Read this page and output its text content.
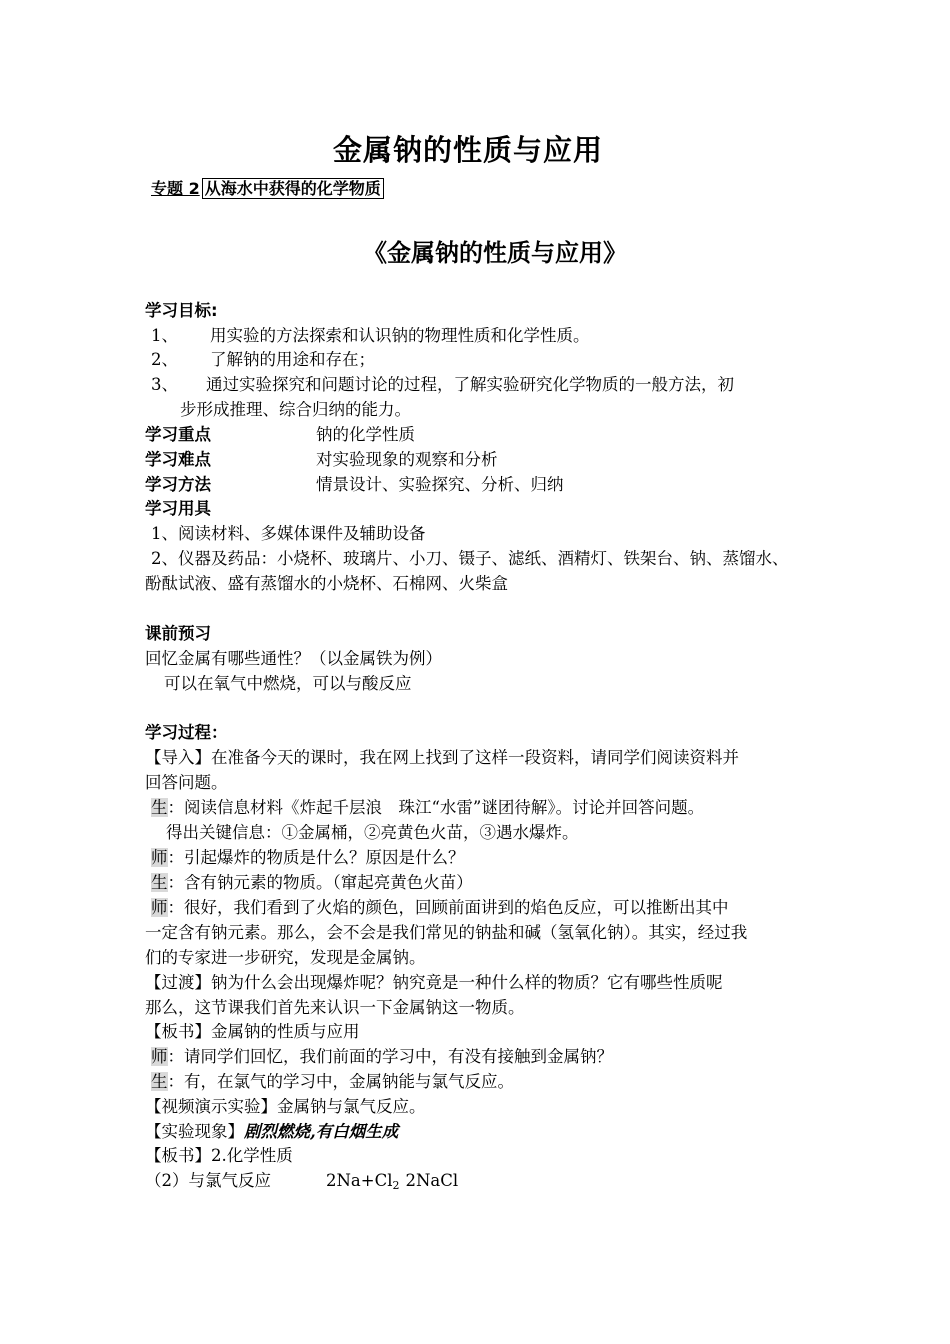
金属钠的性质与应用
专题 2 从海水中获得的化学物质
《金属钠的性质与应用》
学习目标:
1、 用实验的方法探索和认识钠的物理性质和化学性质。
2、 了解钠的用途和存在；
3、 通过实验探究和问题讨论的过程，了解实验研究化学物质的一般方法，初
步形成推理、综合归纳的能力。
学习重点	钠的化学性质
学习难点	对实验现象的观察和分析
学习方法	情景设计、实验探究、分析、归纳
学习用具
1、阅读材料、多媒体课件及辅助设备
2、仪器及药品：小烧杯、玻璃片、小刀、镊子、滤纸、酒精灯、铁架台、钠、蒸馏水、
酚酞试液、盛有蒸馏水的小烧杯、石棉网、火柴盒
课前预习
回忆金属有哪些通性？（以金属铁为例）
可以在氧气中燃烧，可以与酸反应
学习过程：
【导入】在准备今天的课时，我在网上找到了这样一段资料，请同学们阅读资料并
回答问题。
生：阅读信息材料《炸起千层浪　珠江“水雷”谜团待解》。讨论并回答问题。
得出关键信息：①金属桶，②亮黄色火苗，③遇水爆炸。
师：引起爆炸的物质是什么？原因是什么？
生：含有钠元素的物质。（窜起亮黄色火苗）
师：很好，我们看到了火焰的颜色，回顾前面讲到的焰色反应，可以推断出其中
一定含有钠元素。那么，会不会是我们常见的钠盐和碱（氢氧化钠）。其实，经过我
们的专家进一步研究，发现是金属钠。
【过渡】钠为什么会出现爆炸呢？钠究竟是一种什么样的物质？它有哪些性质呢
那么，这节课我们首先来认识一下金属钠这一物质。
【板书】金属钠的性质与应用
师：请同学们回忆，我们前面的学习中，有没有接触到金属钠？
生：有，在氯气的学习中，金属钠能与氯气反应。
【视频演示实验】金属钠与氯气反应。
【实验现象】剧烈燃烧,有白烟生成
【板书】2.化学性质
（2）与氯气反应	$2Na+Cl_2$ 2NaCl
